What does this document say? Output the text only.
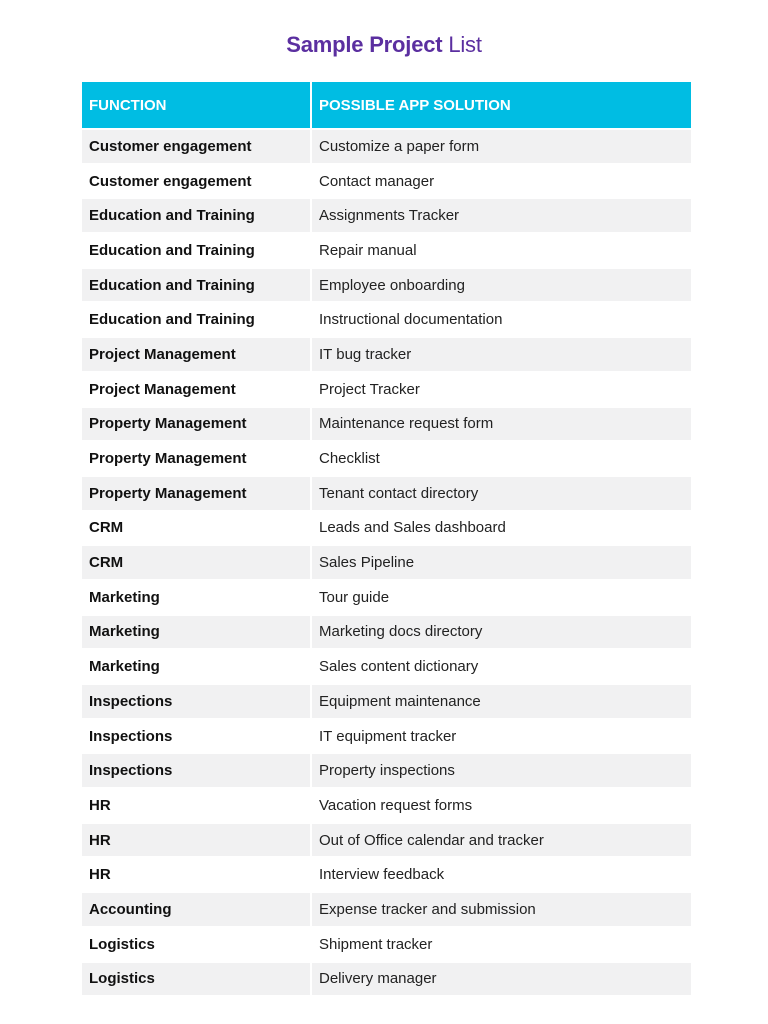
Sample Project List
FUNCTION	POSSIBLE APP SOLUTION
Customer engagement	Customize a paper form
Customer engagement	Contact manager
Education and Training	Assignments Tracker
Education and Training	Repair manual
Education and Training	Employee onboarding
Education and Training	Instructional documentation
Project Management	IT bug tracker
Project Management	Project Tracker
Property Management	Maintenance request form
Property Management	Checklist
Property Management	Tenant contact directory
CRM	Leads and Sales dashboard
CRM	Sales Pipeline
Marketing	Tour guide
Marketing	Marketing docs directory
Marketing	Sales content dictionary
Inspections	Equipment maintenance
Inspections	IT equipment tracker
Inspections	Property inspections
HR	Vacation request forms
HR	Out of Office calendar and tracker
HR	Interview feedback
Accounting	Expense tracker and submission
Logistics	Shipment tracker
Logistics	Delivery manager
